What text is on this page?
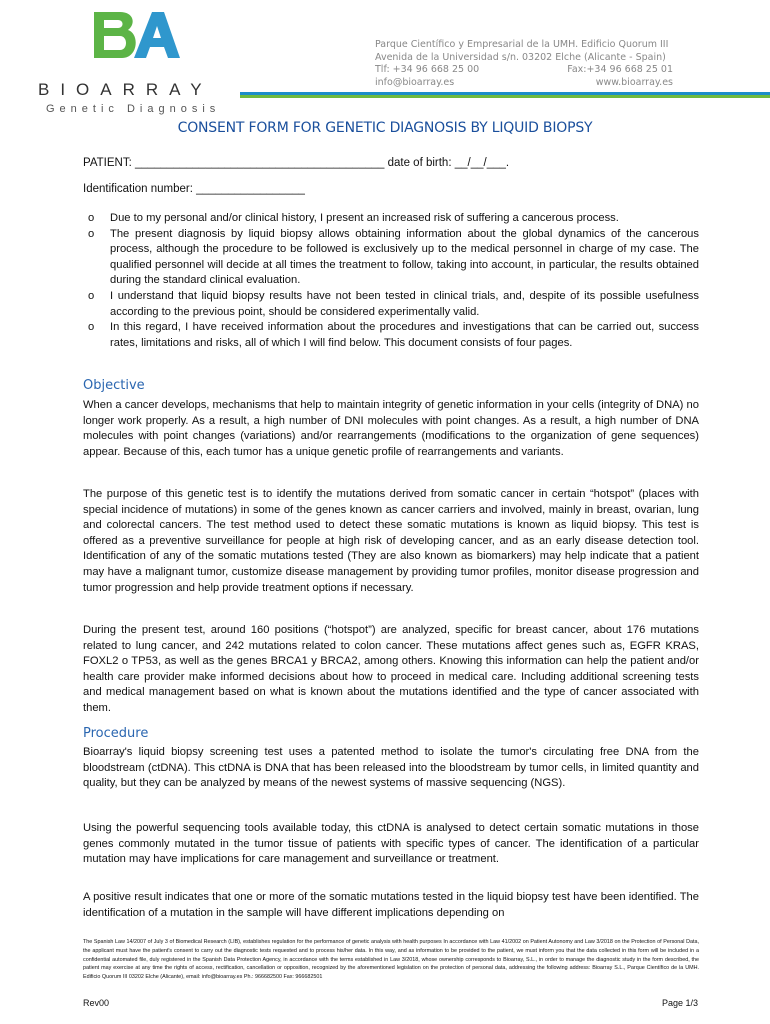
BIOARRAY
Genetic Diagnosis
Parque Científico y Empresarial de la UMH. Edificio Quorum III
Avenida de la Universidad s/n. 03202 Elche (Alicante - Spain)
Tlf: +34 96 668 25 00	Fax:+34 96 668 25 01
info@bioarray.es	www.bioarray.es
CONSENT FORM FOR GENETIC DIAGNOSIS BY LIQUID BIOPSY
PATIENT: _______________________________________ date of birth: __/__/___.
Identification number: _________________
o	Due to my personal and/or clinical history, I present an increased risk of suffering a cancerous process.
o	The present diagnosis by liquid biopsy allows obtaining information about the global dynamics of the cancerous process, although the procedure to be followed is exclusively up to the medical personnel in charge of my case. The qualified personnel will decide at all times the treatment to follow, taking into account, in particular, the results obtained during the standard clinical evaluation.
o	I understand that liquid biopsy results have not been tested in clinical trials, and, despite of its possible usefulness according to the previous point, should be considered experimentally valid.
o	In this regard, I have received information about the procedures and investigations that can be carried out, success rates, limitations and risks, all of which I will find below. This document consists of four pages.
Objective

When a cancer develops, mechanisms that help to maintain integrity of genetic information in your cells (integrity of DNA) no longer work properly. As a result, a high number of DNI molecules with point changes. As a result, a high number of DNA molecules with point changes (variations) and/or rearrangements (modifications to the organization of gene sequences) appear. Because of this, each tumor has a unique genetic profile of rearrangements and variants.

The purpose of this genetic test is to identify the mutations derived from somatic cancer in certain “hotspot” (places with special incidence of mutations) in some of the genes known as cancer carriers and involved, mainly in breast, ovarian, lung and colorectal cancers. The test method used to detect these somatic mutations is known as liquid biopsy. This test is offered as a preventive surveillance for people at high risk of developing cancer, and as an early disease detection tool. Identification of any of the somatic mutations tested (They are also known as biomarkers) may help indicate that a patient may have a malignant tumor, customize disease management by providing tumor profiles, monitor disease progression and tumor progression and help provide treatment options if necessary.

During the present test, around 160 positions (“hotspot”) are analyzed, specific for breast cancer, about 176 mutations related to lung cancer, and 242 mutations related to colon cancer. These mutations affect genes such as, EGFR KRAS, FOXL2 o TP53, as well as the genes BRCA1 y BRCA2, among others. Knowing this information can help the patient and/or health care provider make informed decisions about how to proceed in medical care. Including additional screening tests and medical management based on what is known about the mutations identified and the type of cancer associated with them.

Procedure

Bioarray's liquid biopsy screening test uses a patented method to isolate the tumor's circulating free DNA from the bloodstream (ctDNA). This ctDNA is DNA that has been released into the bloodstream by tumor cells, in limited quantity and quality, but they can be analyzed by means of the newest systems of massive sequencing (NGS).

Using the powerful sequencing tools available today, this ctDNA is analysed to detect certain somatic mutations in those genes commonly mutated in the tumor tissue of patients with specific types of cancer. The identification of a particular mutation may have implications for care management and surveillance or treatment.

A positive result indicates that one or more of the somatic mutations tested in the liquid biopsy test have been identified. The identification of a mutation in the sample will have different implications depending on

The Spanish Law 14/2007 of July 3 of Biomedical Research (LIB), establishes regulation for the performance of genetic analysis with health purposes In accordance with Law 41/2002 on Patient Autonomy and Law 3/2018 on the Protection of Personal Data, the applicant must have the patient's consent to carry out the diagnostic tests requested and to process his/her data. In this way, and as information to be provided to the patient, we must inform you that the data collected in this form will be included in a confidential automated file, duly registered in the Spanish Data Protection Agency, in accordance with the terms established in Law 3/2018, whose ownership corresponds to Bioarray, S.L., in order to manage the diagnostic study in the form described, the patient may exercise at any time the rights of access, rectification, cancellation or opposition, recognized by the aforementioned legislation on the protection of personal data, addressing the following address: Bioarray S.L., Parque Científico de la UMH. Edificio Quorum III 03202 Elche (Alicante), email: info@bioarray.es Ph.: 966682500 Fax: 966682501
Rev00	Page 1/3
